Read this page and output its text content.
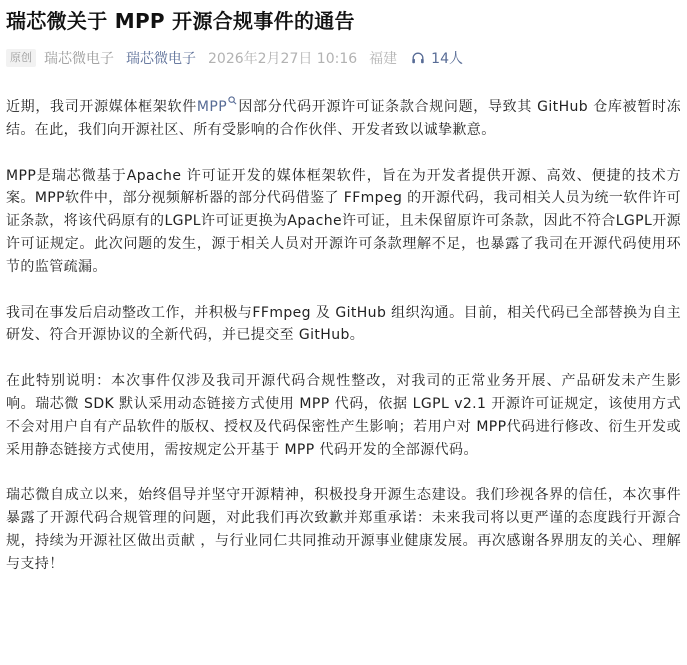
瑞芯微关于 MPP 开源合规事件的通告
原创 瑞芯微电子 瑞芯微电子 2026年2月27日 10:16 福建 14人

近期，我司开源媒体框架软件MPP 因部分代码开源许可证条款合规问题，导致其 GitHub 仓库被暂时冻结。在此，我们向开源社区、所有受影响的合作伙伴、开发者致以诚挚歉意。

MPP是瑞芯微基于Apache 许可证开发的媒体框架软件，旨在为开发者提供开源、高效、便捷的技术方案。MPP软件中，部分视频解析器的部分代码借鉴了 FFmpeg 的开源代码，我司相关人员为统一软件许可证条款，将该代码原有的LGPL许可证更换为Apache许可证，且未保留原许可条款，因此不符合LGPL开源许可证规定。此次问题的发生，源于相关人员对开源许可条款理解不足，也暴露了我司在开源代码使用环节的监管疏漏。

我司在事发后启动整改工作，并积极与FFmpeg 及 GitHub 组织沟通。目前，相关代码已全部替换为自主研发、符合开源协议的全新代码，并已提交至 GitHub。

在此特别说明：本次事件仅涉及我司开源代码合规性整改，对我司的正常业务开展、产品研发未产生影响。瑞芯微 SDK 默认采用动态链接方式使用 MPP 代码，依据 LGPL v2.1 开源许可证规定，该使用方式不会对用户自有产品软件的版权、授权及代码保密性产生影响；若用户对 MPP代码进行修改、衍生开发或采用静态链接方式使用，需按规定公开基于 MPP 代码开发的全部源代码。

瑞芯微自成立以来，始终倡导并坚守开源精神，积极投身开源生态建设。我们珍视各界的信任，本次事件暴露了开源代码合规管理的问题，对此我们再次致歉并郑重承诺：未来我司将以更严谨的态度践行开源合规，持续为开源社区做出贡献 ，与行业同仁共同推动开源事业健康发展。再次感谢各界朋友的关心、理解与支持！
